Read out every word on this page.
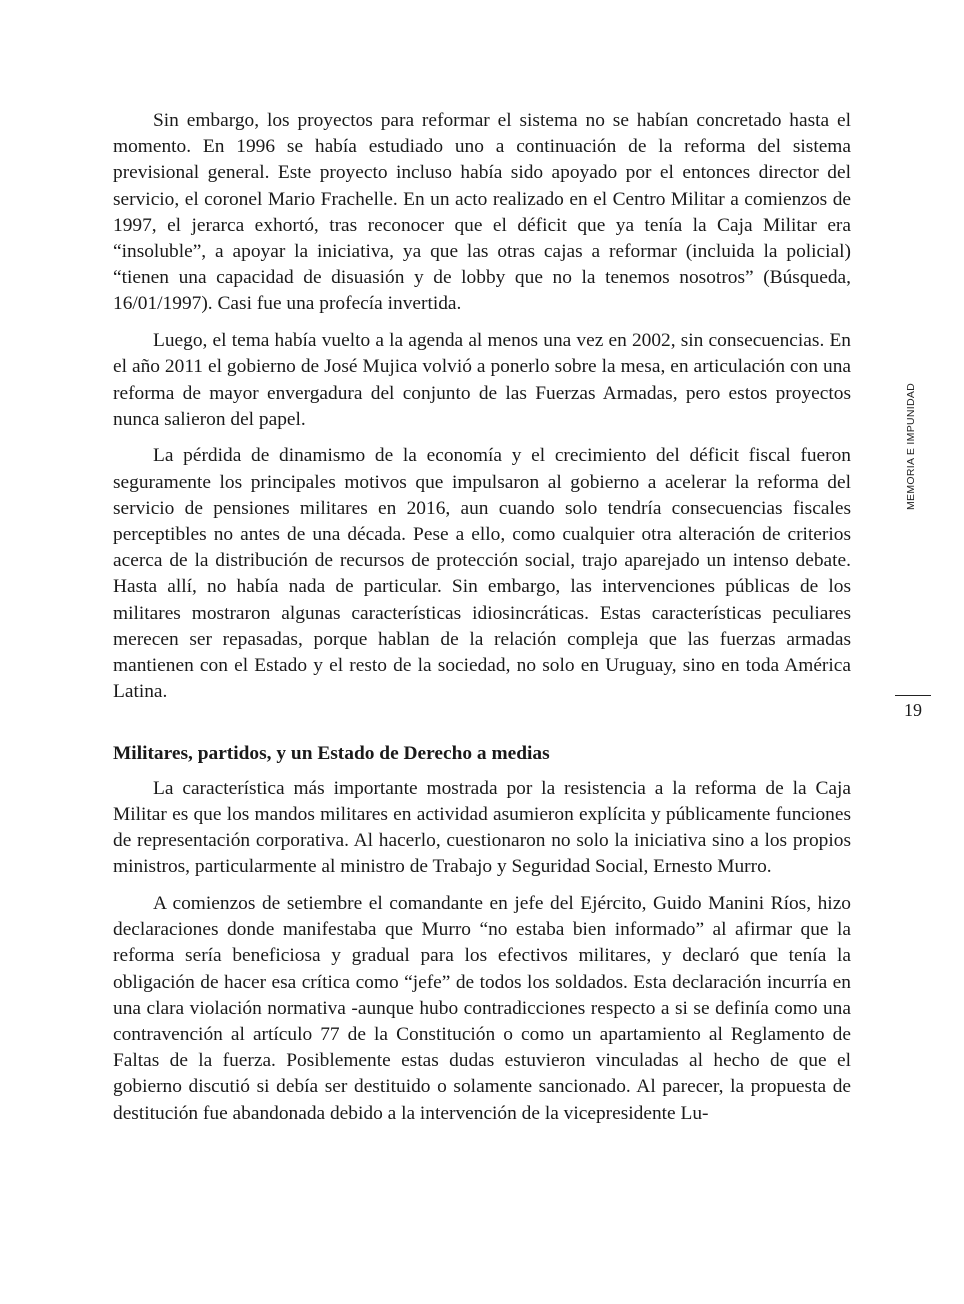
Sin embargo, los proyectos para reformar el sistema no se habían concretado hasta el momento. En 1996 se había estudiado uno a continuación de la reforma del sistema previsional general. Este proyecto incluso había sido apoyado por el entonces director del servicio, el coronel Mario Frachelle. En un acto realizado en el Centro Militar a comienzos de 1997, el jerarca exhortó, tras reconocer que el déficit que ya tenía la Caja Militar era “insoluble”, a apoyar la iniciativa, ya que las otras cajas a reformar (incluida la policial) “tienen una capacidad de disuasión y de lobby que no la tenemos nosotros” (Búsqueda, 16/01/1997). Casi fue una profecía invertida.

Luego, el tema había vuelto a la agenda al menos una vez en 2002, sin consecuencias. En el año 2011 el gobierno de José Mujica volvió a ponerlo sobre la mesa, en articulación con una reforma de mayor envergadura del conjunto de las Fuerzas Armadas, pero estos proyectos nunca salieron del papel.

La pérdida de dinamismo de la economía y el crecimiento del déficit fiscal fueron seguramente los principales motivos que impulsaron al gobierno a acelerar la reforma del servicio de pensiones militares en 2016, aun cuando solo tendría consecuencias fiscales perceptibles no antes de una década. Pese a ello, como cualquier otra alteración de criterios acerca de la distribución de recursos de protección social, trajo aparejado un intenso debate. Hasta allí, no había nada de particular. Sin embargo, las intervenciones públicas de los militares mostraron algunas características idiosincráticas. Estas características peculiares merecen ser repasadas, porque hablan de la relación compleja que las fuerzas armadas mantienen con el Estado y el resto de la sociedad, no solo en Uruguay, sino en toda América Latina.

Militares, partidos, y un Estado de Derecho a medias

La característica más importante mostrada por la resistencia a la reforma de la Caja Militar es que los mandos militares en actividad asumieron explícita y públicamente funciones de representación corporativa. Al hacerlo, cuestionaron no solo la iniciativa sino a los propios ministros, particularmente al ministro de Trabajo y Seguridad Social, Ernesto Murro.

A comienzos de setiembre el comandante en jefe del Ejército, Guido Manini Ríos, hizo declaraciones donde manifestaba que Murro “no estaba bien informado” al afirmar que la reforma sería beneficiosa y gradual para los efectivos militares, y declaró que tenía la obligación de hacer esa crítica como “jefe” de todos los soldados. Esta declaración incurría en una clara violación normativa -aunque hubo contradicciones respecto a si se definía como una contravención al artículo 77 de la Constitución o como un apartamiento al Reglamento de Faltas de la fuerza. Posiblemente estas dudas estuvieron vinculadas al hecho de que el gobierno discutió si debía ser destituido o solamente sancionado. Al parecer, la propuesta de destitución fue abandonada debido a la intervención de la vicepresidente Lu-

MEMORIA E IMPUNIDAD
19
